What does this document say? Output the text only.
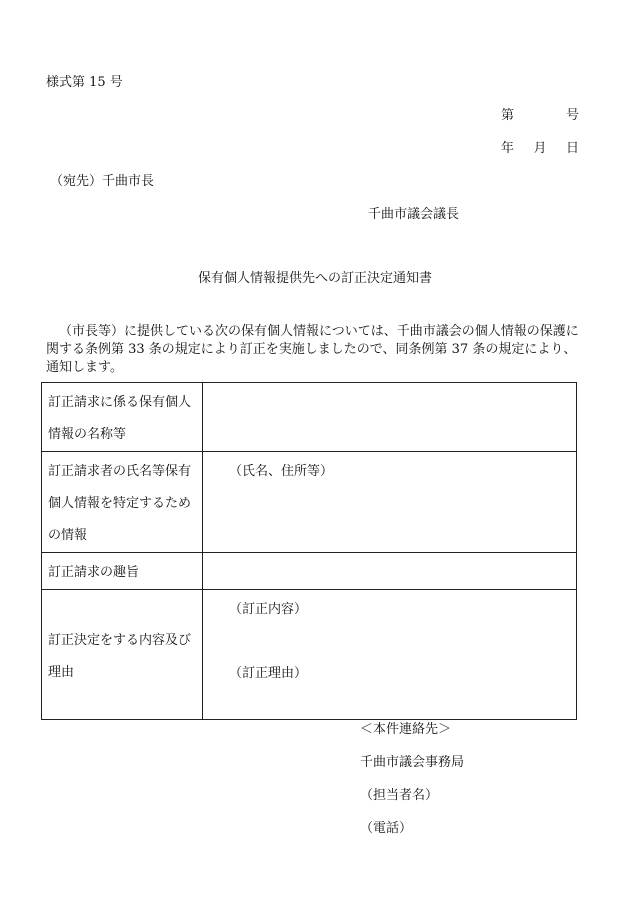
様式第 15 号
第	号
年 月 日
（宛先）千曲市長
千曲市議会議長
保有個人情報提供先への訂正決定通知書
（市長等）に提供している次の保有個人情報については、千曲市議会の個人情報の保護に関する条例第 33 条の規定により訂正を実施しましたので、同条例第 37 条の規定により、通知します。
訂正請求に係る保有個人情報の名称等	
訂正請求者の氏名等保有個人情報を特定するための情報	（氏名、住所等）

訂正請求の趣旨	
訂正決定をする内容及び理由	（訂正内容）
（訂正理由）
＜本件連絡先＞
千曲市議会事務局
（担当者名）
（電話）
